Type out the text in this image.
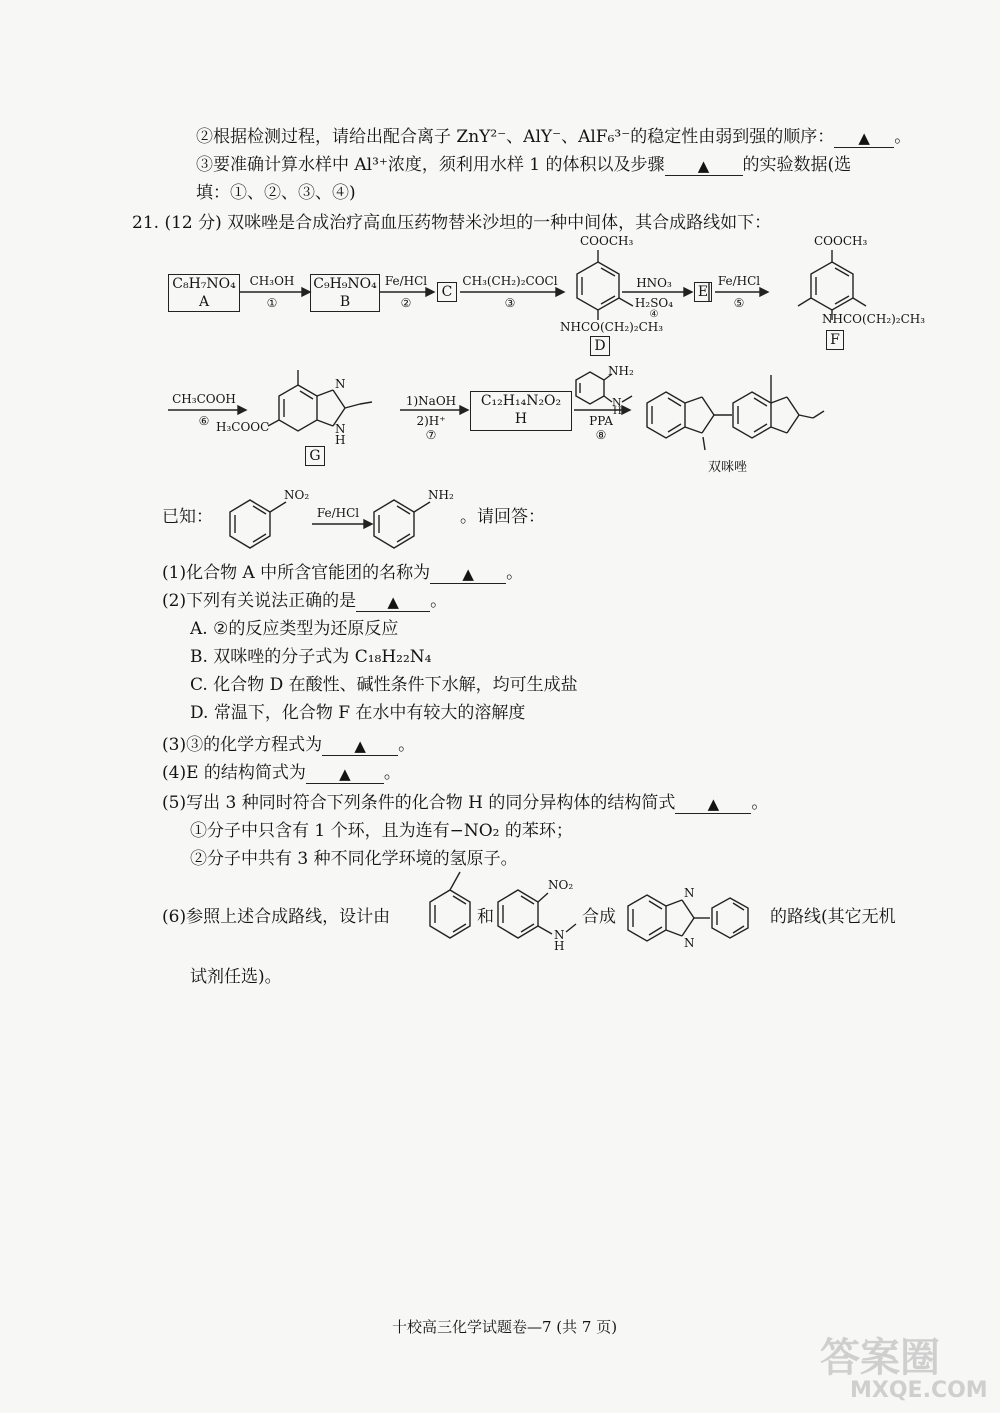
②根据检测过程，请给出配合离子 ZnY²⁻、AlY⁻、AlF₆³⁻的稳定性由弱到强的顺序： ▲ 。
③要准确计算水样中 Al³⁺浓度，须利用水样 1 的体积以及步骤 ▲ 的实验数据(选
填：①、②、③、④)
21. (12 分) 双咪唑是合成治疗高血压药物替米沙坦的一种中间体，其合成路线如下：
C₈H₇NO₄
A
CH₃OH
①
C₉H₉NO₄
B
Fe/HCl
②
C
CH₃(CH₂)₂COCl
③
COOCH₃
NHCO(CH₂)₂CH₃
D
HNO₃
H₂SO₄
④
E
Fe/HCl
⑤
COOCH₃
NHCO(CH₂)₂CH₃
F
CH₃COOH
⑥ H₃COOC
N
N
H
G
1)NaOH
2)H⁺
⑦
C₁₂H₁₄N₂O₂
H
NH₂
N
H
PPA
⑧
双咪唑
已知：
NO₂
Fe/HCl
NH₂
。请回答：
(1)化合物 A 中所含官能团的名称为 ▲ 。
(2)下列有关说法正确的是 ▲ 。
A. ②的反应类型为还原反应
B. 双咪唑的分子式为 C₁₈H₂₂N₄
C. 化合物 D 在酸性、碱性条件下水解，均可生成盐
D. 常温下，化合物 F 在水中有较大的溶解度
(3)③的化学方程式为 ▲ 。
(4)E 的结构简式为 ▲ 。
(5)写出 3 种同时符合下列条件的化合物 H 的同分异构体的结构简式 ▲ 。
①分子中只含有 1 个环，且为连有−NO₂ 的苯环；
②分子中共有 3 种不同化学环境的氢原子。
(6)参照上述合成路线，设计由	和
NO₂
N
H
合成
N
N
的路线(其它无机
试剂任选)。
十校高三化学试题卷—7 (共 7 页)
答案圈
MXQE.COM
